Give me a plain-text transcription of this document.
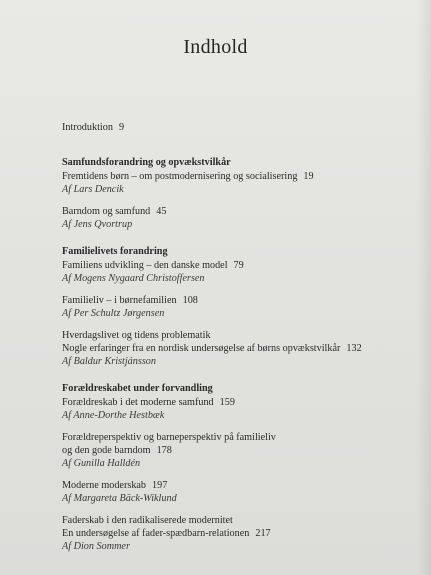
Indhold
Introduktion 9
Samfundsforandring og opvækstvilkår
Fremtidens børn – om postmodernisering og socialisering 19
Af Lars Dencik
Barndom og samfund 45
Af Jens Qvortrup
Familielivets forandring
Familiens udvikling – den danske model 79
Af Mogens Nygaard Christoffersen
Familieliv – i børnefamilien 108
Af Per Schultz Jørgensen
Hverdagslivet og tidens problematik
Nogle erfaringer fra en nordisk undersøgelse af børns opvækstvilkår 132
Af Baldur Kristjánsson
Forældreskabet under forvandling
Forældreskab i det moderne samfund 159
Af Anne-Dorthe Hestbæk
Forældreperspektiv og barneperspektiv på familieliv
og den gode barndom 178
Af Gunilla Halldén
Moderne moderskab 197
Af Margareta Bäck-Wiklund
Faderskab i den radikaliserede modernitet
En undersøgelse af fader-spædbarn-relationen 217
Af Dion Sommer
